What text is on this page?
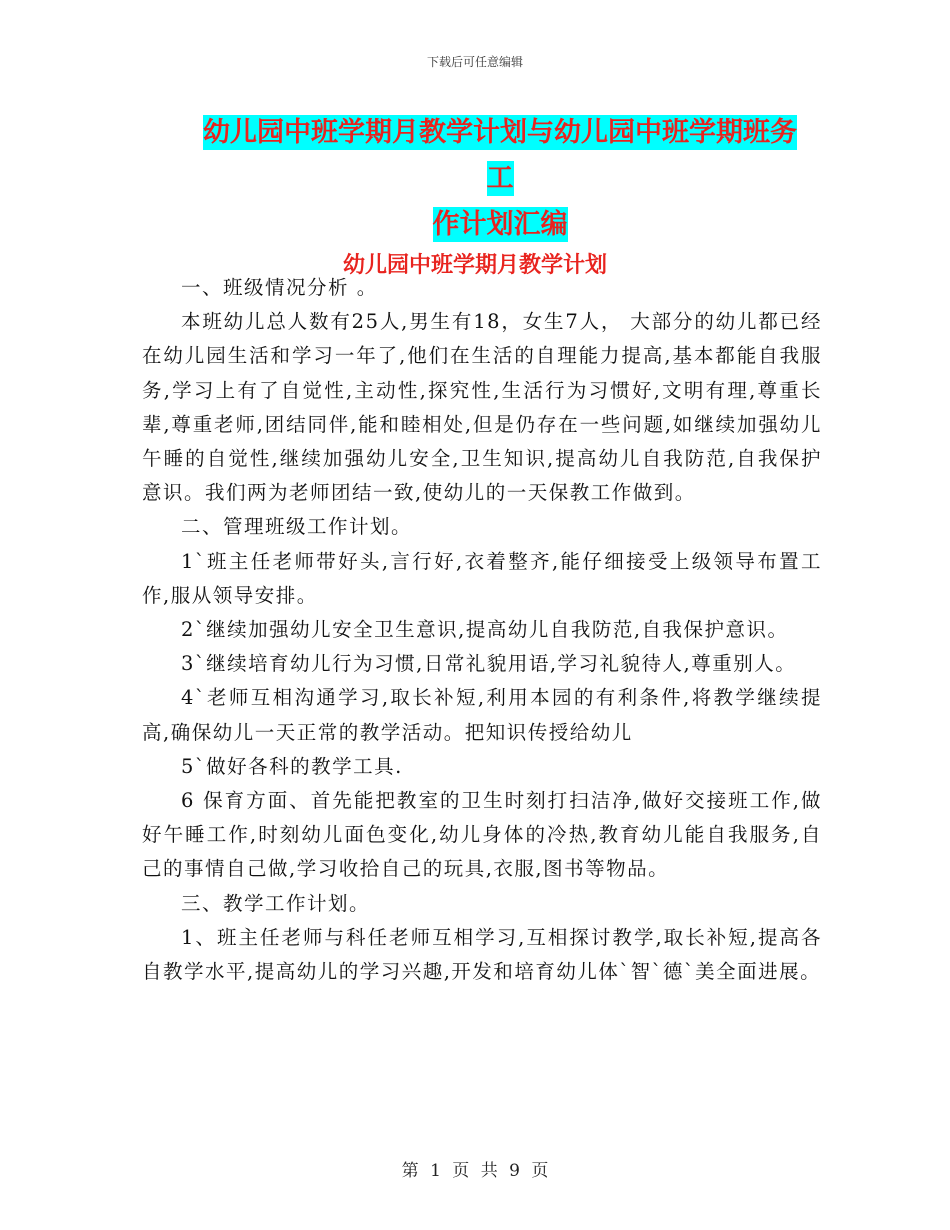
下载后可任意编辑
幼儿园中班学期月教学计划与幼儿园中班学期班务工
作计划汇编
幼儿园中班学期月教学计划

一、班级情况分析 。

本班幼儿总人数有25人,男生有18，女生7人， 大部分的幼儿都已经在幼儿园生活和学习一年了,他们在生活的自理能力提高,基本都能自我服务,学习上有了自觉性,主动性,探究性,生活行为习惯好,文明有理,尊重长辈,尊重老师,团结同伴,能和睦相处,但是仍存在一些问题,如继续加强幼儿午睡的自觉性,继续加强幼儿安全,卫生知识,提高幼儿自我防范,自我保护意识。我们两为老师团结一致,使幼儿的一天保教工作做到。

二、管理班级工作计划。

1`班主任老师带好头,言行好,衣着整齐,能仔细接受上级领导布置工作,服从领导安排。

2`继续加强幼儿安全卫生意识,提高幼儿自我防范,自我保护意识。

3`继续培育幼儿行为习惯,日常礼貌用语,学习礼貌待人,尊重别人。

4`老师互相沟通学习,取长补短,利用本园的有利条件,将教学继续提高,确保幼儿一天正常的教学活动。把知识传授给幼儿

5`做好各科的教学工具.

6 保育方面、首先能把教室的卫生时刻打扫洁净,做好交接班工作,做好午睡工作,时刻幼儿面色变化,幼儿身体的冷热,教育幼儿能自我服务,自己的事情自己做,学习收拾自己的玩具,衣服,图书等物品。

三、教学工作计划。

1、班主任老师与科任老师互相学习,互相探讨教学,取长补短,提高各自教学水平,提高幼儿的学习兴趣,开发和培育幼儿体`智`德`美全面进展。

第 1 页 共 9 页
